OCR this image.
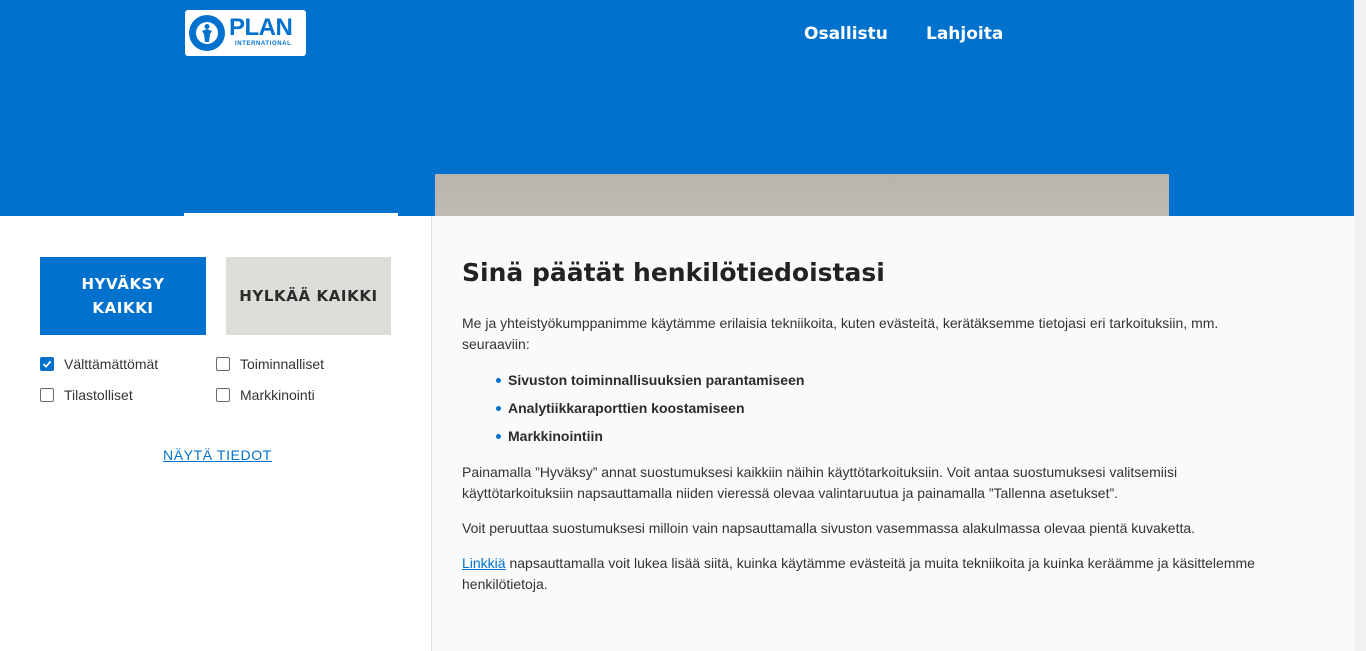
PLAN
INTERNATIONAL	Osallistu Lahjoita
HYVÄKSY KAIKKI
HYLKÄÄ KAIKKI
Välttämättömät	Toiminnalliset
Tilastolliset	Markkinointi
NÄYTÄ TIEDOT
Sinä päätät henkilötiedoistasi

Me ja yhteistyökumppanimme käytämme erilaisia tekniikoita, kuten evästeitä, kerätäksemme tietojasi eri tarkoituksiin, mm. seuraaviin:

Sivuston toiminnallisuuksien parantamiseen
Analytiikkaraporttien koostamiseen
Markkinointiin

Painamalla ”Hyväksy” annat suostumuksesi kaikkiin näihin käyttötarkoituksiin. Voit antaa suostumuksesi valitsemiisi käyttötarkoituksiin napsauttamalla niiden vieressä olevaa valintaruutua ja painamalla ”Tallenna asetukset”.

Voit peruuttaa suostumuksesi milloin vain napsauttamalla sivuston vasemmassa alakulmassa olevaa pientä kuvaketta.

Linkkiä napsauttamalla voit lukea lisää siitä, kuinka käytämme evästeitä ja muita tekniikoita ja kuinka keräämme ja käsittelemme henkilötietoja.
